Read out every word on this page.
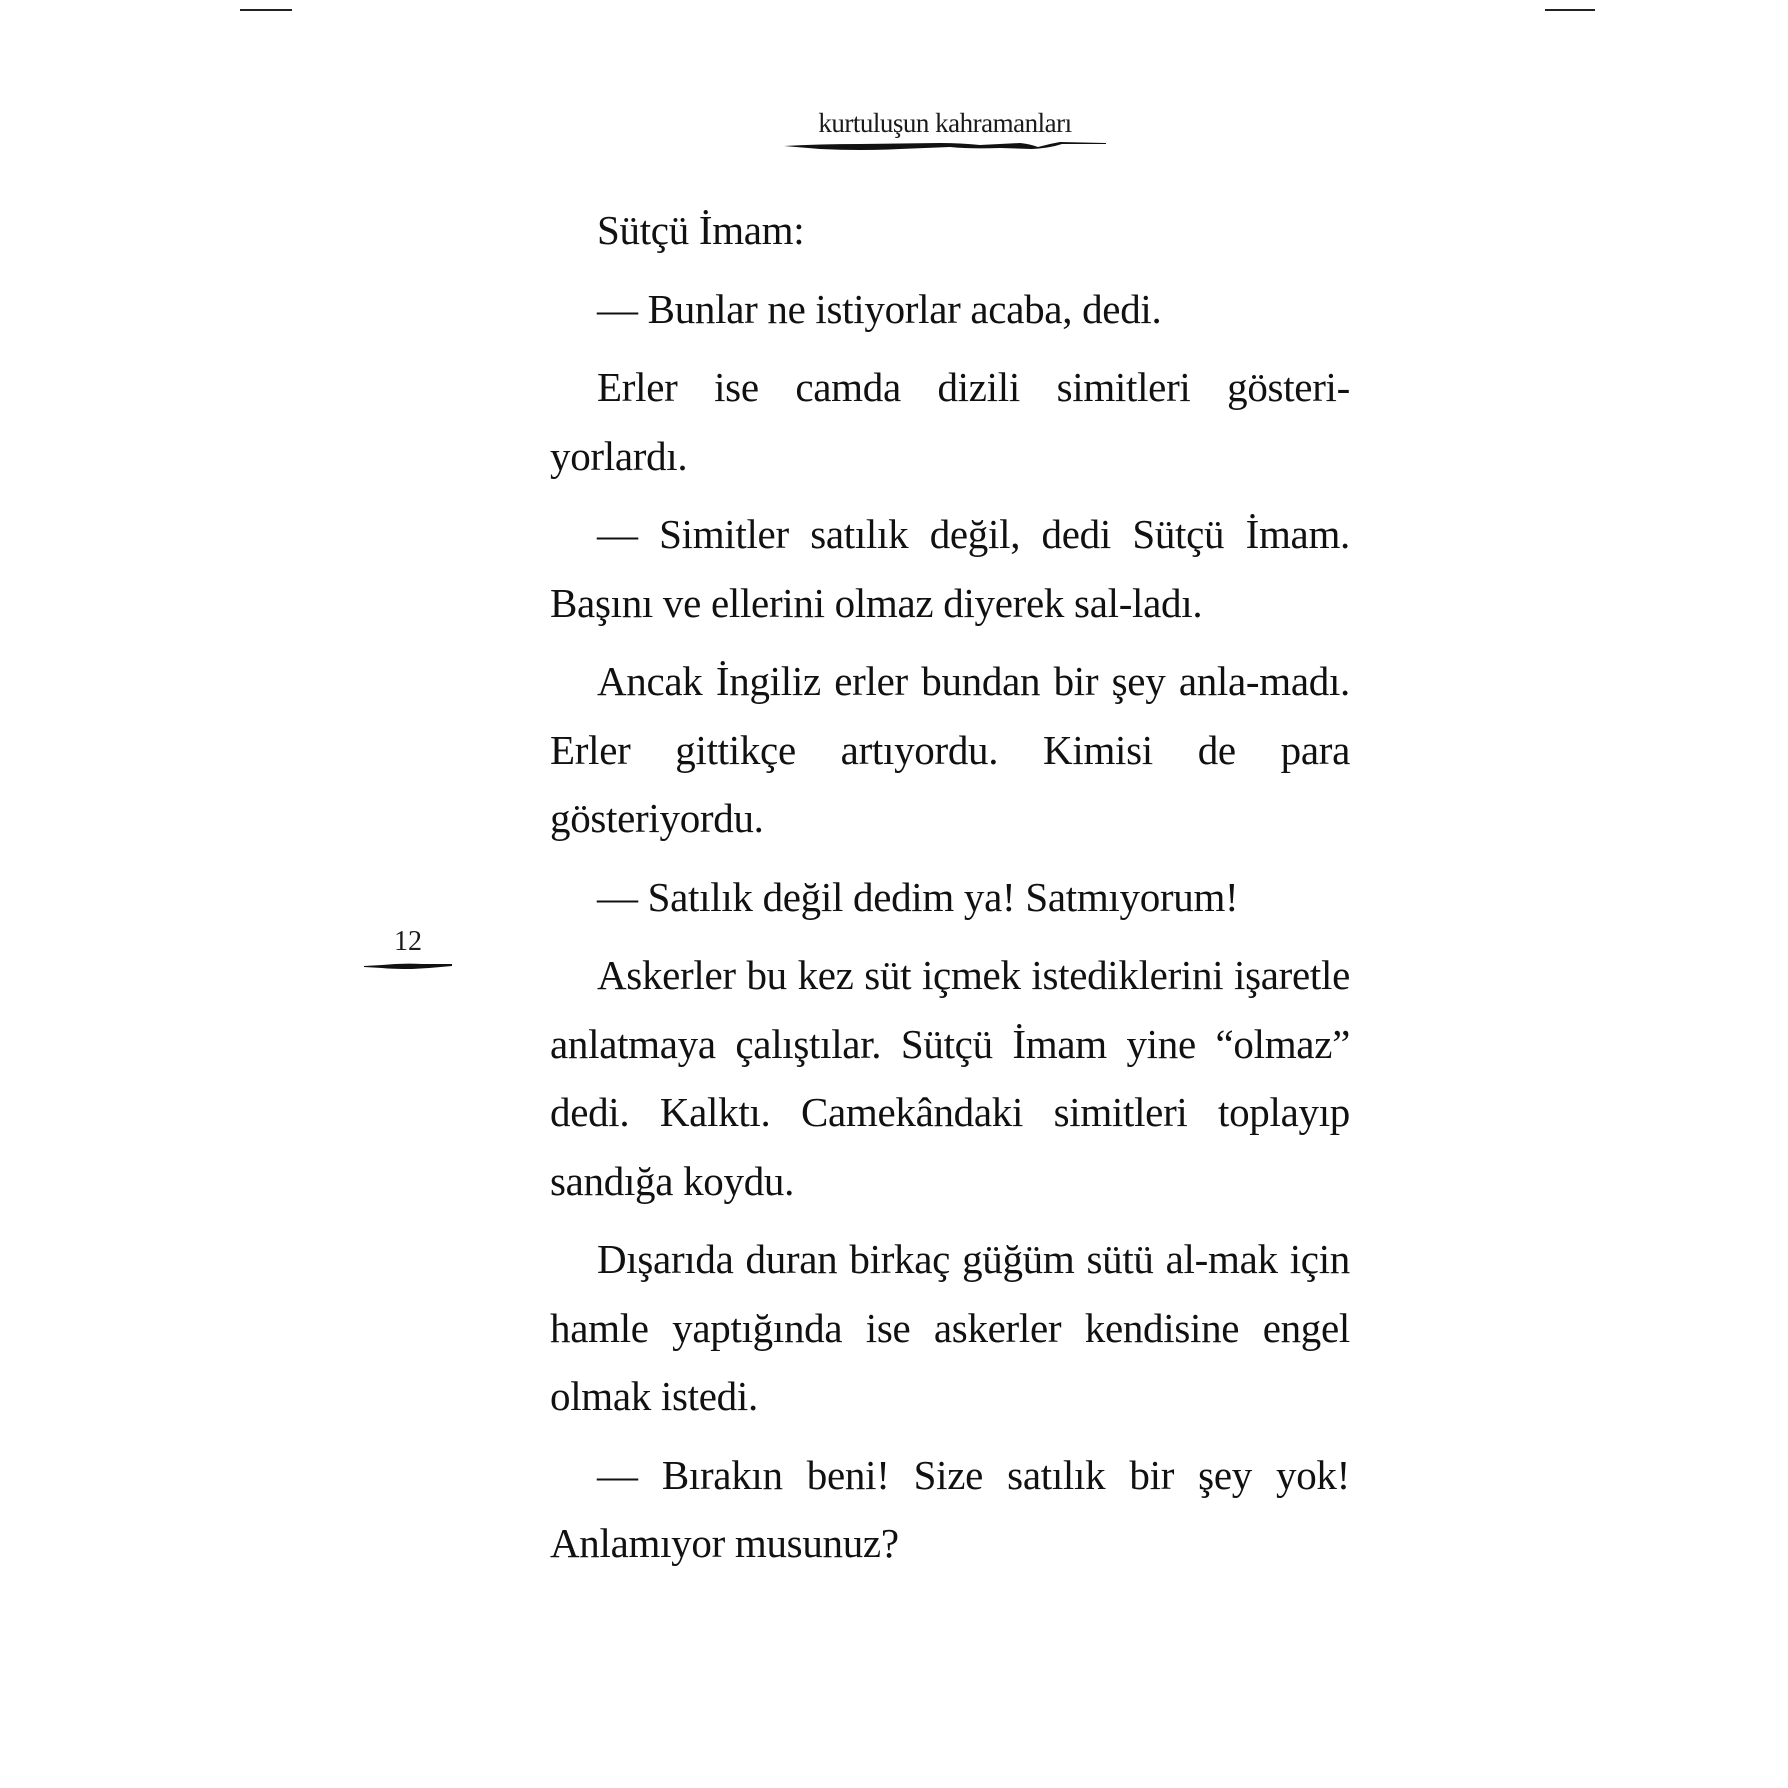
kurtuluşun kahramanları
12

Sütçü İmam:

— Bunlar ne istiyorlar acaba, dedi.

Erler ise camda dizili simitleri gösteri-yorlardı.

— Simitler satılık değil, dedi Sütçü İmam. Başını ve ellerini olmaz diyerek sal-ladı.

Ancak İngiliz erler bundan bir şey anla-madı. Erler gittikçe artıyordu. Kimisi de para gösteriyordu.

— Satılık değil dedim ya! Satmıyorum!

Askerler bu kez süt içmek istediklerini işaretle anlatmaya çalıştılar. Sütçü İmam yine “olmaz” dedi. Kalktı. Camekândaki simitleri toplayıp sandığa koydu.

Dışarıda duran birkaç güğüm sütü al-mak için hamle yaptığında ise askerler kendisine engel olmak istedi.

— Bırakın beni! Size satılık bir şey yok! Anlamıyor musunuz?
